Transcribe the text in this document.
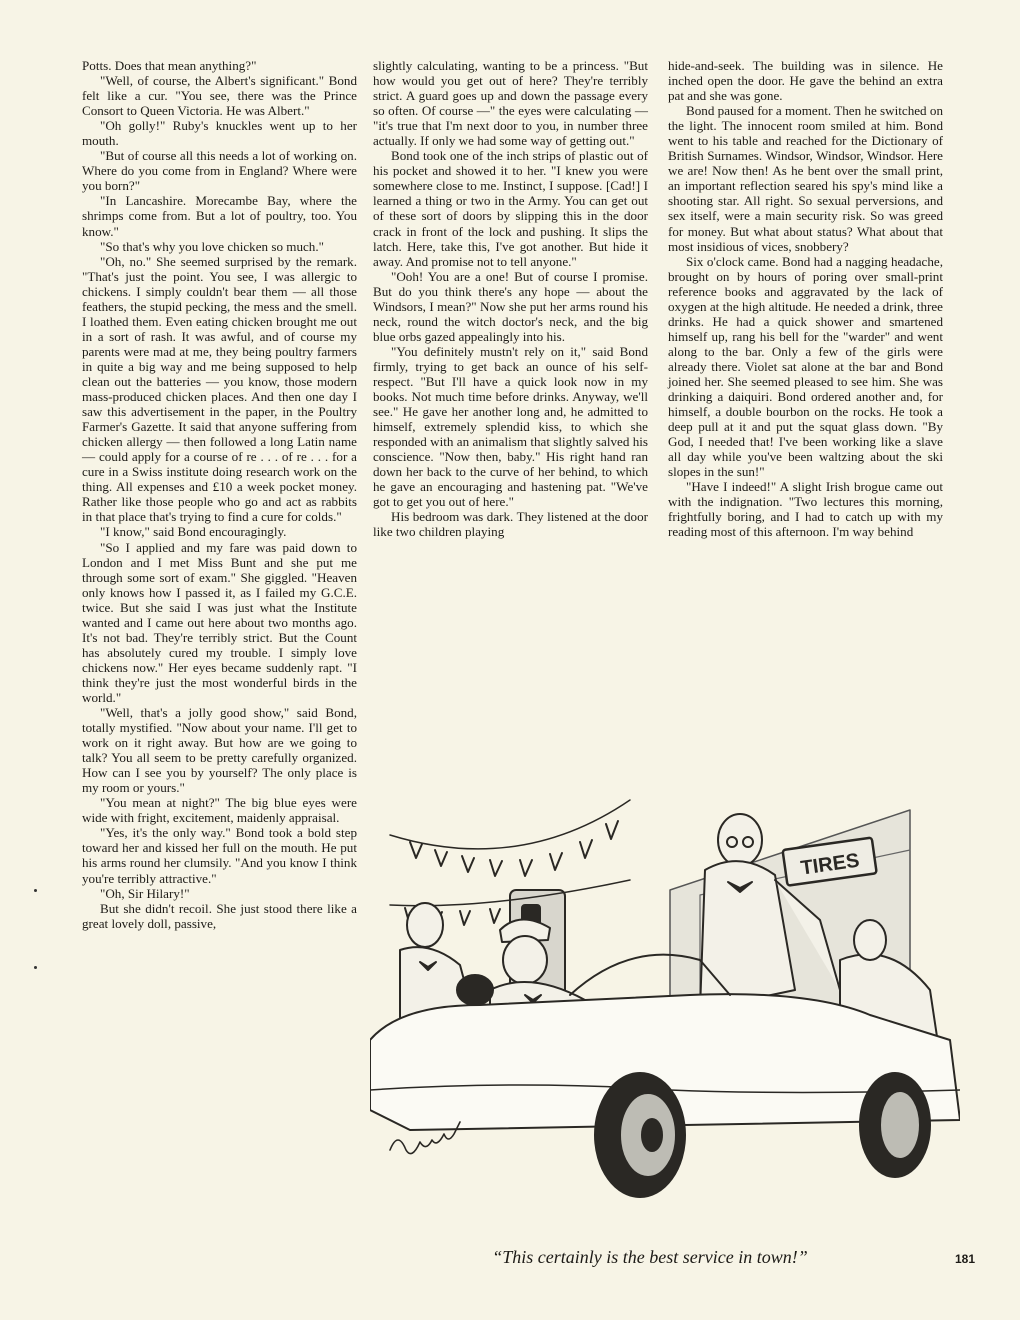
Potts. Does that mean anything?"

"Well, of course, the Albert's significant." Bond felt like a cur. "You see, there was the Prince Consort to Queen Victoria. He was Albert."

"Oh golly!" Ruby's knuckles went up to her mouth.

"But of course all this needs a lot of working on. Where do you come from in England? Where were you born?"

"In Lancashire. Morecambe Bay, where the shrimps come from. But a lot of poultry, too. You know."

"So that's why you love chicken so much."

"Oh, no." She seemed surprised by the remark. "That's just the point. You see, I was allergic to chickens. I simply couldn't bear them — all those feathers, the stupid pecking, the mess and the smell. I loathed them. Even eating chicken brought me out in a sort of rash. It was awful, and of course my parents were mad at me, they being poultry farmers in quite a big way and me being supposed to help clean out the batteries — you know, those modern mass-produced chicken places. And then one day I saw this advertisement in the paper, in the Poultry Farmer's Gazette. It said that anyone suffering from chicken allergy — then followed a long Latin name — could apply for a course of re . . . of re . . . for a cure in a Swiss institute doing research work on the thing. All expenses and £10 a week pocket money. Rather like those people who go and act as rabbits in that place that's trying to find a cure for colds."

"I know," said Bond encouragingly.

"So I applied and my fare was paid down to London and I met Miss Bunt and she put me through some sort of exam." She giggled. "Heaven only knows how I passed it, as I failed my G.C.E. twice. But she said I was just what the Institute wanted and I came out here about two months ago. It's not bad. They're terribly strict. But the Count has absolutely cured my trouble. I simply love chickens now." Her eyes became suddenly rapt. "I think they're just the most wonderful birds in the world."

"Well, that's a jolly good show," said Bond, totally mystified. "Now about your name. I'll get to work on it right away. But how are we going to talk? You all seem to be pretty carefully organized. How can I see you by yourself? The only place is my room or yours."

"You mean at night?" The big blue eyes were wide with fright, excitement, maidenly appraisal.

"Yes, it's the only way." Bond took a bold step toward her and kissed her full on the mouth. He put his arms round her clumsily. "And you know I think you're terribly attractive."

"Oh, Sir Hilary!"

But she didn't recoil. She just stood there like a great lovely doll, passive,

slightly calculating, wanting to be a princess. "But how would you get out of here? They're terribly strict. A guard goes up and down the passage every so often. Of course —" the eyes were calculating — "it's true that I'm next door to you, in number three actually. If only we had some way of getting out."

Bond took one of the inch strips of plastic out of his pocket and showed it to her. "I knew you were somewhere close to me. Instinct, I suppose. [Cad!] I learned a thing or two in the Army. You can get out of these sort of doors by slipping this in the door crack in front of the lock and pushing. It slips the latch. Here, take this, I've got another. But hide it away. And promise not to tell anyone."

"Ooh! You are a one! But of course I promise. But do you think there's any hope — about the Windsors, I mean?" Now she put her arms round his neck, round the witch doctor's neck, and the big blue orbs gazed appealingly into his.

"You definitely mustn't rely on it," said Bond firmly, trying to get back an ounce of his self-respect. "But I'll have a quick look now in my books. Not much time before drinks. Anyway, we'll see." He gave her another long and, he admitted to himself, extremely splendid kiss, to which she responded with an animalism that slightly salved his conscience. "Now then, baby." His right hand ran down her back to the curve of her behind, to which he gave an encouraging and hastening pat. "We've got to get you out of here."

His bedroom was dark. They listened at the door like two children playing

hide-and-seek. The building was in silence. He inched open the door. He gave the behind an extra pat and she was gone.

Bond paused for a moment. Then he switched on the light. The innocent room smiled at him. Bond went to his table and reached for the Dictionary of British Surnames. Windsor, Windsor, Windsor. Here we are! Now then! As he bent over the small print, an important reflection seared his spy's mind like a shooting star. All right. So sexual perversions, and sex itself, were a main security risk. So was greed for money. But what about status? What about that most insidious of vices, snobbery?

Six o'clock came. Bond had a nagging headache, brought on by hours of poring over small-print reference books and aggravated by the lack of oxygen at the high altitude. He needed a drink, three drinks. He had a quick shower and smartened himself up, rang his bell for the "warder" and went along to the bar. Only a few of the girls were already there. Violet sat alone at the bar and Bond joined her. She seemed pleased to see him. She was drinking a daiquiri. Bond ordered another and, for himself, a double bourbon on the rocks. He took a deep pull at it and put the squat glass down. "By God, I needed that! I've been working like a slave all day while you've been waltzing about the ski slopes in the sun!"

"Have I indeed!" A slight Irish brogue came out with the indignation. "Two lectures this morning, frightfully boring, and I had to catch up with my reading most of this afternoon. I'm way behind

TIRES
“This certainly is the best service in town!”	181
